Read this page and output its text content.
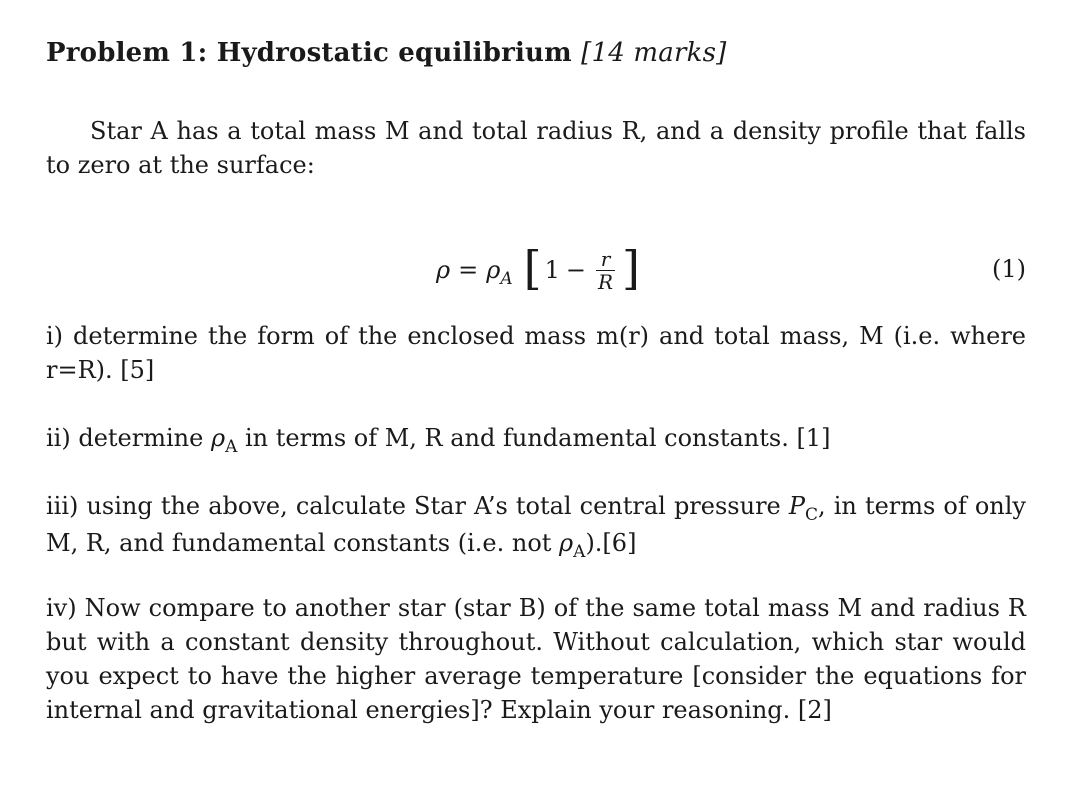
Problem 1: Hydrostatic equilibrium [14 marks]
Star A has a total mass M and total radius R, and a density profile that falls to zero at the surface:
$\rho = \rho_A$ [ $1 - \frac{r}{R}$ ]	(1)
i) determine the form of the enclosed mass m(r) and total mass, M (i.e. where r=R). [5]
ii) determine $\rho_A$ in terms of M, R and fundamental constants. [1]
iii) using the above, calculate Star A’s total central pressure $P_C$, in terms of only M, R, and fundamental constants (i.e. not $\rho_A).[6]$
iv) Now compare to another star (star B) of the same total mass M and radius R but with a constant density throughout. Without calculation, which star would you expect to have the higher average temperature [consider the equations for internal and gravitational energies]? Explain your reasoning. [2]
